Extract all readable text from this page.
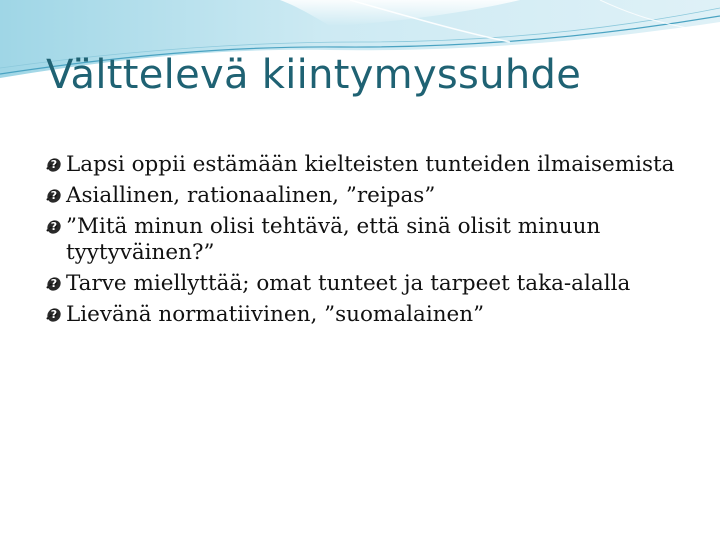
Välttelevä kiintymyssuhde
? ?
Lapsi oppii estämään kielteisten tunteiden ilmaisemista
? ?
Asiallinen, rationaalinen, ”reipas”
? ?
”Mitä minun olisi tehtävä, että sinä olisit minuun tyytyväinen?”
? ?
Tarve miellyttää; omat tunteet ja tarpeet taka-alalla
? ?
Lievänä normatiivinen, ”suomalainen”
